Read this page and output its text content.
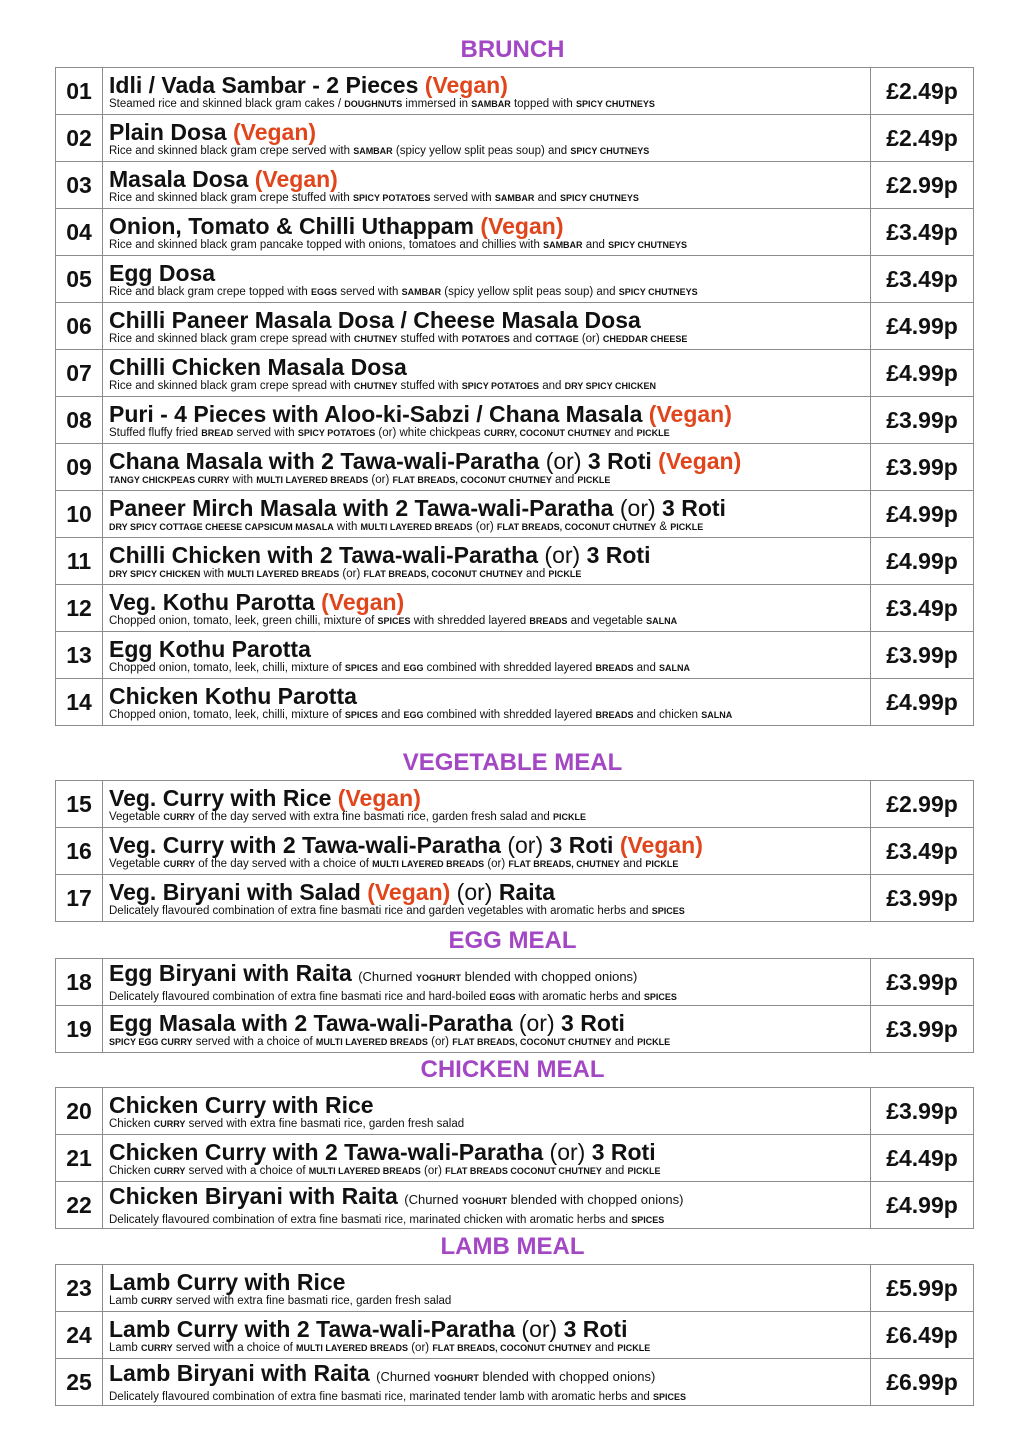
BRUNCH
01	Idli / Vada Sambar - 2 Pieces (Vegan)
Steamed rice and skinned black gram cakes / DOUGHNUTS immersed in SAMBAR topped with SPICY CHUTNEYS	£2.49p
02	Plain Dosa (Vegan)
Rice and skinned black gram crepe served with SAMBAR (spicy yellow split peas soup) and SPICY CHUTNEYS	£2.49p
03	Masala Dosa (Vegan)
Rice and skinned black gram crepe stuffed with SPICY POTATOES served with SAMBAR and SPICY CHUTNEYS	£2.99p
04	Onion, Tomato & Chilli Uthappam (Vegan)
Rice and skinned black gram pancake topped with onions, tomatoes and chillies with SAMBAR and SPICY CHUTNEYS	£3.49p
05	Egg Dosa
Rice and black gram crepe topped with EGGS served with SAMBAR (spicy yellow split peas soup) and SPICY CHUTNEYS	£3.49p
06	Chilli Paneer Masala Dosa / Cheese Masala Dosa
Rice and skinned black gram crepe spread with CHUTNEY stuffed with POTATOES and COTTAGE (or) CHEDDAR CHEESE	£4.99p
07	Chilli Chicken Masala Dosa
Rice and skinned black gram crepe spread with CHUTNEY stuffed with SPICY POTATOES and DRY SPICY CHICKEN	£4.99p
08	Puri - 4 Pieces with Aloo-ki-Sabzi / Chana Masala (Vegan)
Stuffed fluffy fried BREAD served with SPICY POTATOES (or) white chickpeas CURRY, COCONUT CHUTNEY and PICKLE	£3.99p
09	Chana Masala with 2 Tawa-wali-Paratha (or) 3 Roti (Vegan)
TANGY CHICKPEAS CURRY with MULTI LAYERED BREADS (or) FLAT BREADS, COCONUT CHUTNEY and PICKLE	£3.99p
10	Paneer Mirch Masala with 2 Tawa-wali-Paratha (or) 3 Roti
DRY SPICY COTTAGE CHEESE CAPSICUM MASALA with MULTI LAYERED BREADS (or) FLAT BREADS, COCONUT CHUTNEY & PICKLE	£4.99p
11	Chilli Chicken with 2 Tawa-wali-Paratha (or) 3 Roti
DRY SPICY CHICKEN with MULTI LAYERED BREADS (or) FLAT BREADS, COCONUT CHUTNEY and PICKLE	£4.99p
12	Veg. Kothu Parotta (Vegan)
Chopped onion, tomato, leek, green chilli, mixture of SPICES with shredded layered BREADS and vegetable SALNA	£3.49p
13	Egg Kothu Parotta
Chopped onion, tomato, leek, chilli, mixture of SPICES and EGG combined with shredded layered BREADS and SALNA	£3.99p
14	Chicken Kothu Parotta
Chopped onion, tomato, leek, chilli, mixture of SPICES and EGG combined with shredded layered BREADS and chicken SALNA	£4.99p
VEGETABLE MEAL
15	Veg. Curry with Rice (Vegan)
Vegetable CURRY of the day served with extra fine basmati rice, garden fresh salad and PICKLE	£2.99p
16	Veg. Curry with 2 Tawa-wali-Paratha (or) 3 Roti (Vegan)
Vegetable CURRY of the day served with a choice of MULTI LAYERED BREADS (or) FLAT BREADS, CHUTNEY and PICKLE	£3.49p
17	Veg. Biryani with Salad (Vegan) (or) Raita
Delicately flavoured combination of extra fine basmati rice and garden vegetables with aromatic herbs and SPICES	£3.99p
EGG MEAL
18	Egg Biryani with Raita (Churned YOGHURT blended with chopped onions)
Delicately flavoured combination of extra fine basmati rice and hard-boiled EGGS with aromatic herbs and SPICES	£3.99p
19	Egg Masala with 2 Tawa-wali-Paratha (or) 3 Roti
SPICY EGG CURRY served with a choice of MULTI LAYERED BREADS (or) FLAT BREADS, COCONUT CHUTNEY and PICKLE	£3.99p
CHICKEN MEAL
20	Chicken Curry with Rice
Chicken CURRY served with extra fine basmati rice, garden fresh salad	£3.99p
21	Chicken Curry with 2 Tawa-wali-Paratha (or) 3 Roti
Chicken CURRY served with a choice of MULTI LAYERED BREADS (or) FLAT BREADS COCONUT CHUTNEY and PICKLE	£4.49p
22	Chicken Biryani with Raita (Churned YOGHURT blended with chopped onions)
Delicately flavoured combination of extra fine basmati rice, marinated chicken with aromatic herbs and SPICES	£4.99p
LAMB MEAL
23	Lamb Curry with Rice
Lamb CURRY served with extra fine basmati rice, garden fresh salad	£5.99p
24	Lamb Curry with 2 Tawa-wali-Paratha (or) 3 Roti
Lamb CURRY served with a choice of MULTI LAYERED BREADS (or) FLAT BREADS, COCONUT CHUTNEY and PICKLE	£6.49p
25	Lamb Biryani with Raita (Churned YOGHURT blended with chopped onions)
Delicately flavoured combination of extra fine basmati rice, marinated tender lamb with aromatic herbs and SPICES	£6.99p
